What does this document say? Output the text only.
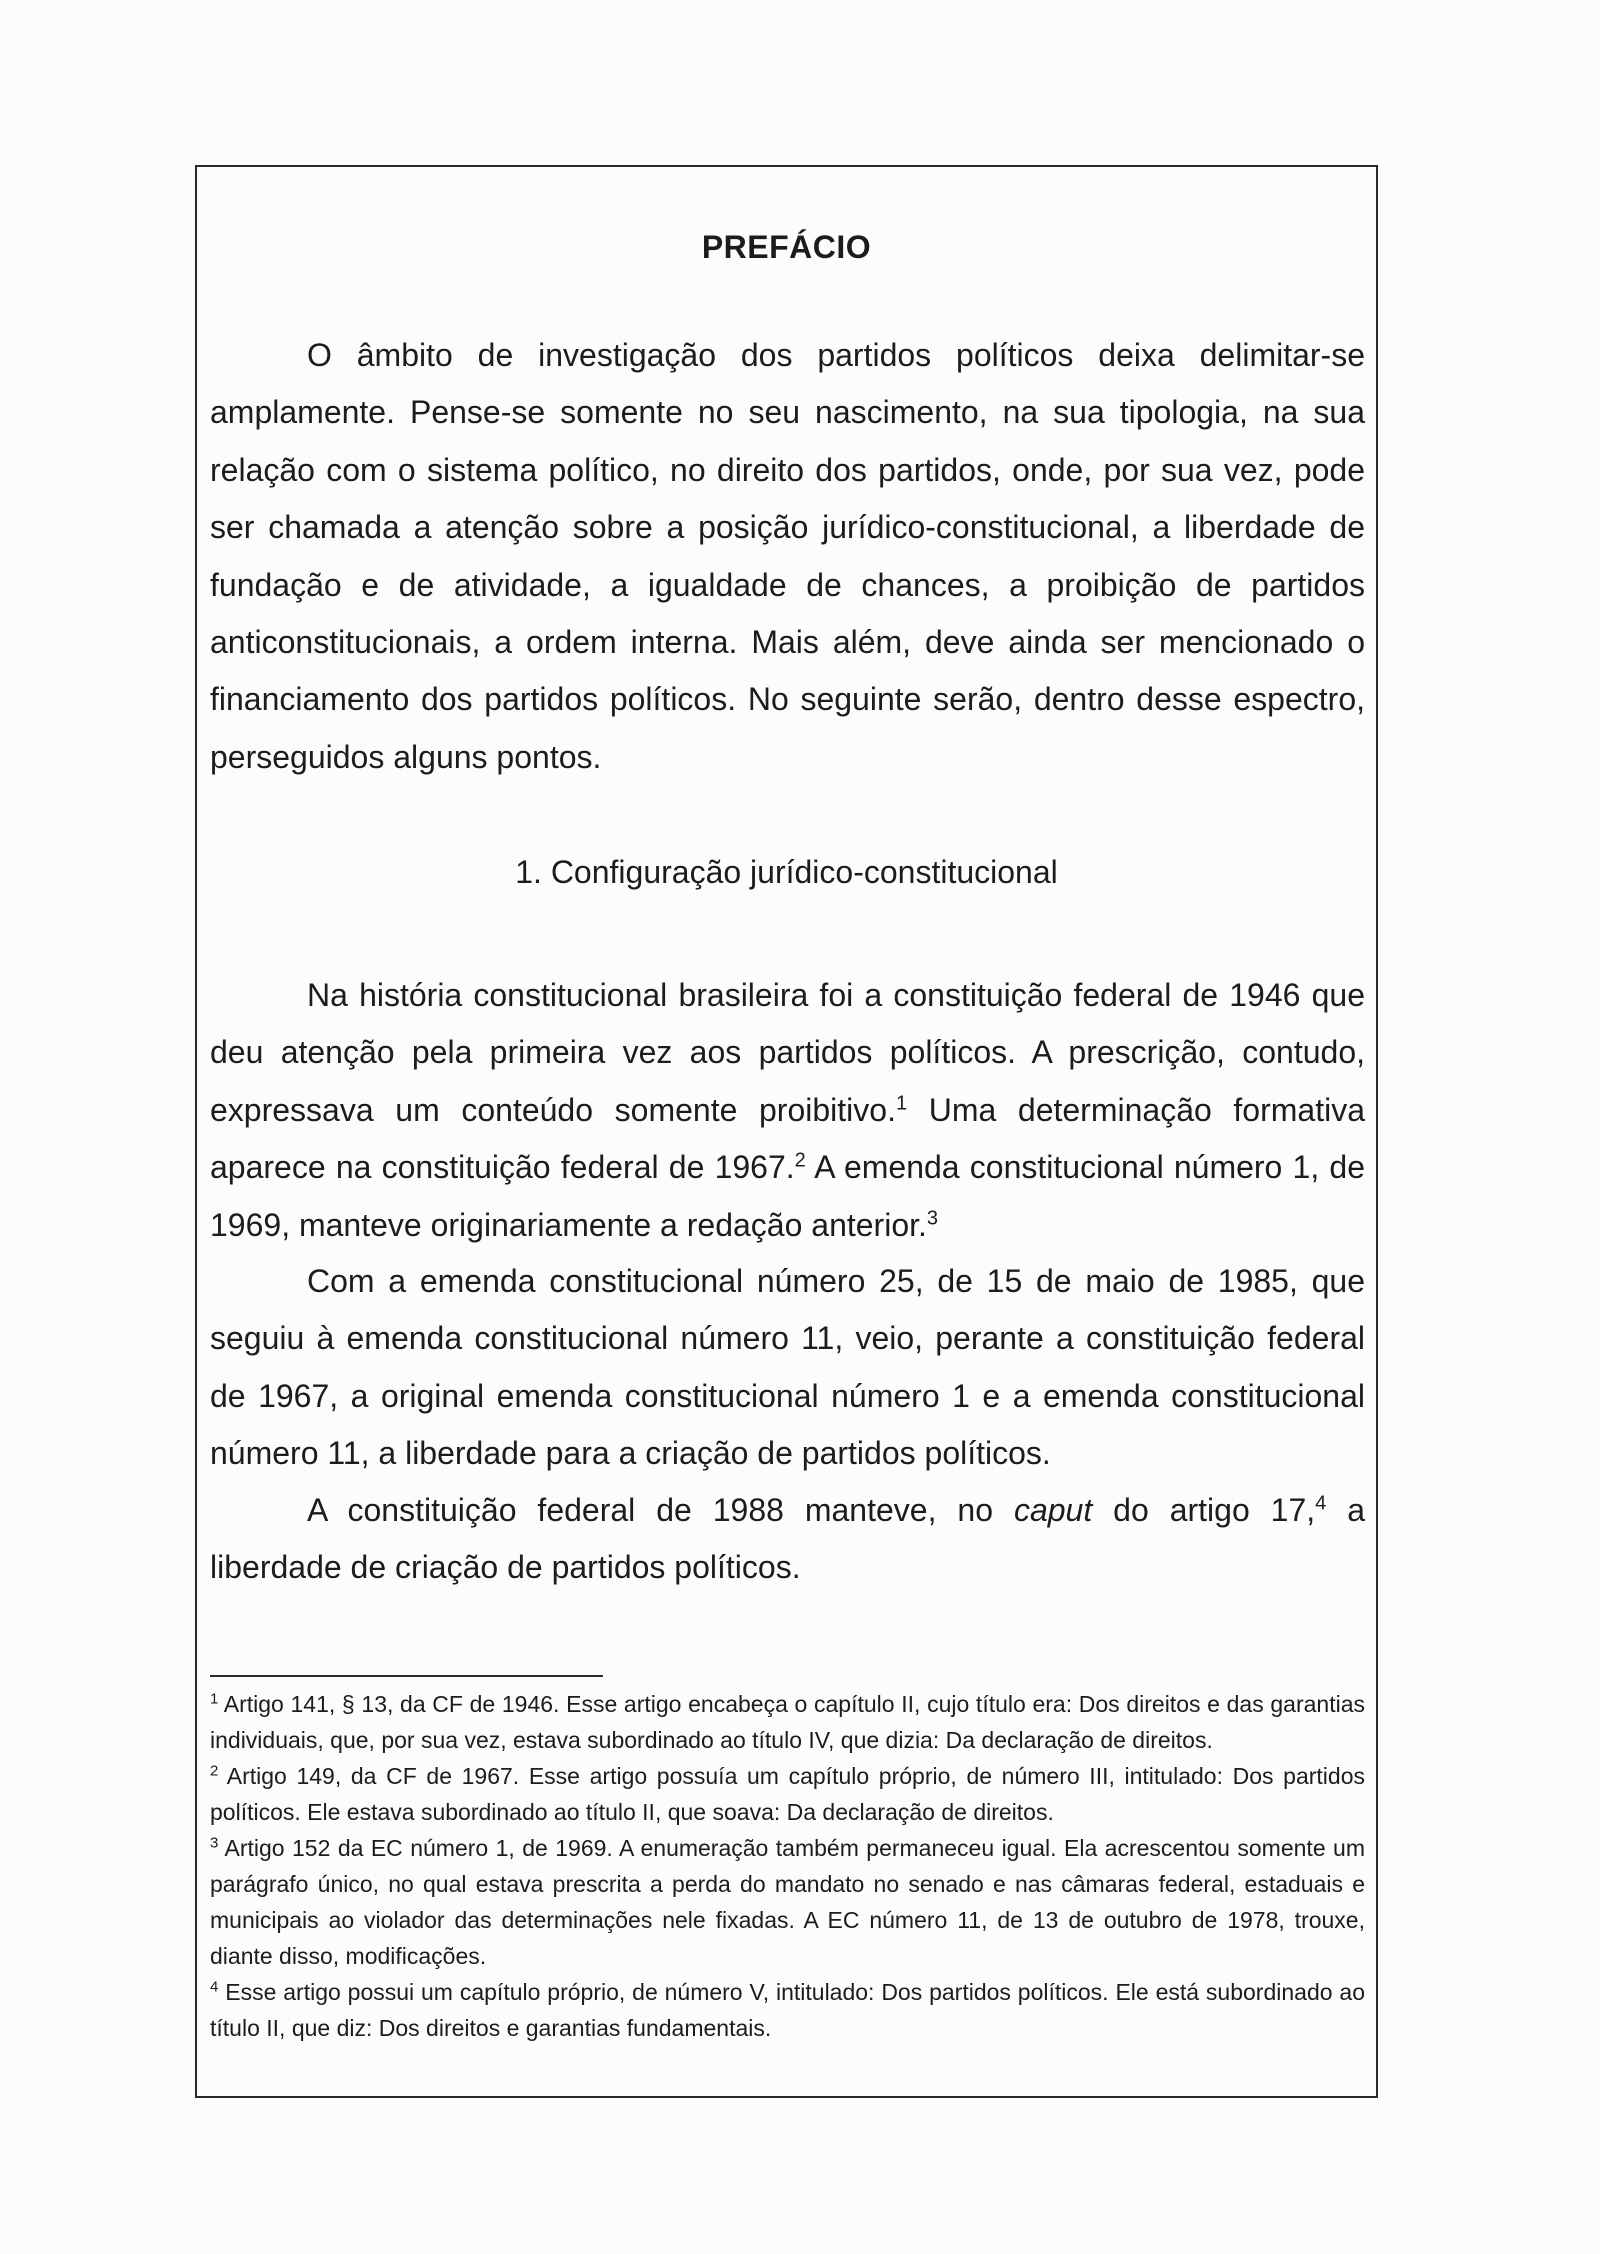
PREFÁCIO

O âmbito de investigação dos partidos políticos deixa delimitar-se amplamente. Pense-se somente no seu nascimento, na sua tipologia, na sua relação com o sistema político, no direito dos partidos, onde, por sua vez, pode ser chamada a atenção sobre a posição jurídico-constitucional, a liberdade de fundação e de atividade, a igualdade de chances, a proibição de partidos anticonstitucionais, a ordem interna. Mais além, deve ainda ser mencionado o financiamento dos partidos políticos. No seguinte serão, dentro desse espectro, perseguidos alguns pontos.

1. Configuração jurídico-constitucional

Na história constitucional brasileira foi a constituição federal de 1946 que deu atenção pela primeira vez aos partidos políticos. A prescrição, contudo, expressava um conteúdo somente proibitivo.$^1$ Uma determinação formativa aparece na constituição federal de 1967.$^2$ A emenda constitucional número 1, de 1969, manteve originariamente a redação anterior.$^3$

Com a emenda constitucional número 25, de 15 de maio de 1985, que seguiu à emenda constitucional número 11, veio, perante a constituição federal de 1967, a original emenda constitucional número 1 e a emenda constitucional número 11, a liberdade para a criação de partidos políticos.

A constituição federal de 1988 manteve, no caput do artigo 17,$^4$ a liberdade de criação de partidos políticos.

$^1$ Artigo 141, § 13, da CF de 1946. Esse artigo encabeça o capítulo II, cujo título era: Dos direitos e das garantias individuais, que, por sua vez, estava subordinado ao título IV, que dizia: Da declaração de direitos.

$^2$ Artigo 149, da CF de 1967. Esse artigo possuía um capítulo próprio, de número III, intitulado: Dos partidos políticos. Ele estava subordinado ao título II, que soava: Da declaração de direitos.

$^3$ Artigo 152 da EC número 1, de 1969. A enumeração também permaneceu igual. Ela acrescentou somente um parágrafo único, no qual estava prescrita a perda do mandato no senado e nas câmaras federal, estaduais e municipais ao violador das determinações nele fixadas. A EC número 11, de 13 de outubro de 1978, trouxe, diante disso, modificações.

$^4$ Esse artigo possui um capítulo próprio, de número V, intitulado: Dos partidos políticos. Ele está subordinado ao título II, que diz: Dos direitos e garantias fundamentais.
